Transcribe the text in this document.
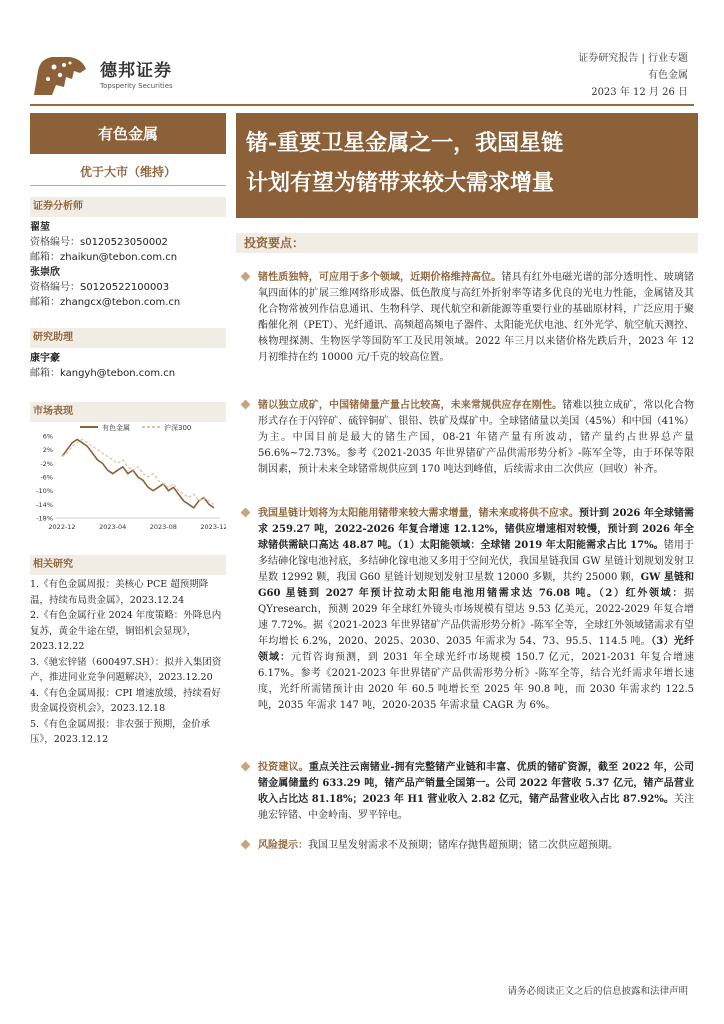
德邦证券
Topsperity Securities
证券研究报告 | 行业专题
有色金属
2023 年 12 月 26 日
有色金属
优于大市（维持）
证券分析师
翟堃
资格编号：s0120523050002
邮箱：zhaikun@tebon.com.cn
张崇欣
资格编号：S0120522100003
邮箱：zhangcx@tebon.com.cn
研究助理
康宇豪
邮箱：kangyh@tebon.com.cn
市场表现
有色金属	沪深300
6%
2%
-2%
-6%
-10%
-14%
-18%
2022-12	2023-04	2023-08	2023-12
相关研究
1.《有色金属周报：美核心 PCE 超预期降温，持续布局贵金属》，2023.12.24
2.《有色金属行业 2024 年度策略：外降息内复苏，黄金牛途在望，铜铝机会显现》，2023.12.22
3.《驰宏锌锗（600497.SH）：拟并入集团资产，推进同业竞争问题解决》，2023.12.20
4.《有色金属周报：CPI 增速放缓，持续看好贵金属投资机会》，2023.12.18
5.《有色金属周报：非农强于预期，金价承压》，2023.12.12
锗-重要卫星金属之一，我国星链
计划有望为锗带来较大需求增量
投资要点：
锗性质独特，可应用于多个领域，近期价格维持高位。锗具有红外电磁光谱的部分透明性、玻璃锗氧四面体的扩展三维网络形成器、低色散度与高红外折射率等诸多优良的光电力性能，金属锗及其化合物常被列作信息通讯、生物科学、现代航空和新能源等重要行业的基础原材料，广泛应用于聚酯催化剂（PET）、光纤通讯、高频超高频电子器件、太阳能光伏电池、红外光学、航空航天测控、核物理探测、生物医学等国防军工及民用领域。2022 年三月以来锗价格先跌后升，2023 年 12 月初维持在约 10000 元/千克的较高位置。
锗以独立成矿，中国锗储量产量占比较高，未来常规供应存在刚性。锗难以独立成矿，常以化合物形式存在于闪锌矿、硫锌铜矿、银铅、铁矿及煤矿中。全球锗储量以美国（45%）和中国（41%）为主。中国目前是最大的锗生产国，08-21 年锗产量有所波动，锗产量约占世界总产量 56.6%~72.73%。参考《2021-2035 年世界锗矿产品供需形势分析》-陈军全等，由于环保等限制因素，预计未来全球锗常规供应到 170 吨达到峰值，后续需求由二次供应（回收）补齐。
我国星链计划将为太阳能用锗带来较大需求增量，锗未来或将供不应求。预计到 2026 年全球锗需求 259.27 吨，2022-2026 年复合增速 12.12%，锗供应增速相对较慢，预计到 2026 年全球锗供需缺口高达 48.87 吨。（1）太阳能领域：全球锗 2019 年太阳能需求占比 17%。锗用于多结砷化镓电池衬底，多结砷化镓电池又多用于空间光伏，我国星链我国 GW 星链计划规划发射卫星数 12992 颗，我国 G60 星链计划规划发射卫星数 12000 多颗，共约 25000 颗，GW 星链和 G60 星链到 2027 年预计拉动太阳能电池用锗需求达 76.08 吨。（2）红外领域：据 QYresearch，预测 2029 年全球红外镜头市场规模有望达 9.53 亿美元，2022-2029 年复合增速 7.72%。据《2021-2023 年世界锗矿产品供需形势分析》-陈军全等，全球红外领域锗需求有望年均增长 6.2%，2020、2025、2030、2035 年需求为 54、73、95.5、114.5 吨。（3）光纤领域：元哲咨询预测，到 2031 年全球光纤市场规模 150.7 亿元，2021-2031 年复合增速 6.17%。参考《2021-2023 年世界锗矿产品供需形势分析》-陈军全等，结合光纤需求年增长速度，光纤所需锗预计由 2020 年 60.5 吨增长至 2025 年 90.8 吨，而 2030 年需求约 122.5 吨，2035 年需求 147 吨，2020-2035 年需求量 CAGR 为 6%。
投资建议。重点关注云南锗业-拥有完整锗产业链和丰富、优质的锗矿资源，截至 2022 年，公司锗金属储量约 633.29 吨，锗产品产销量全国第一。公司 2022 年营收 5.37 亿元，锗产品营业收入占比达 81.18%；2023 年 H1 营业收入 2.82 亿元，锗产品营业收入占比 87.92%。关注驰宏锌锗、中金岭南、罗平锌电。
风险提示：我国卫星发射需求不及预期；锗库存抛售超预期；锗二次供应超预期。
请务必阅读正文之后的信息披露和法律声明
